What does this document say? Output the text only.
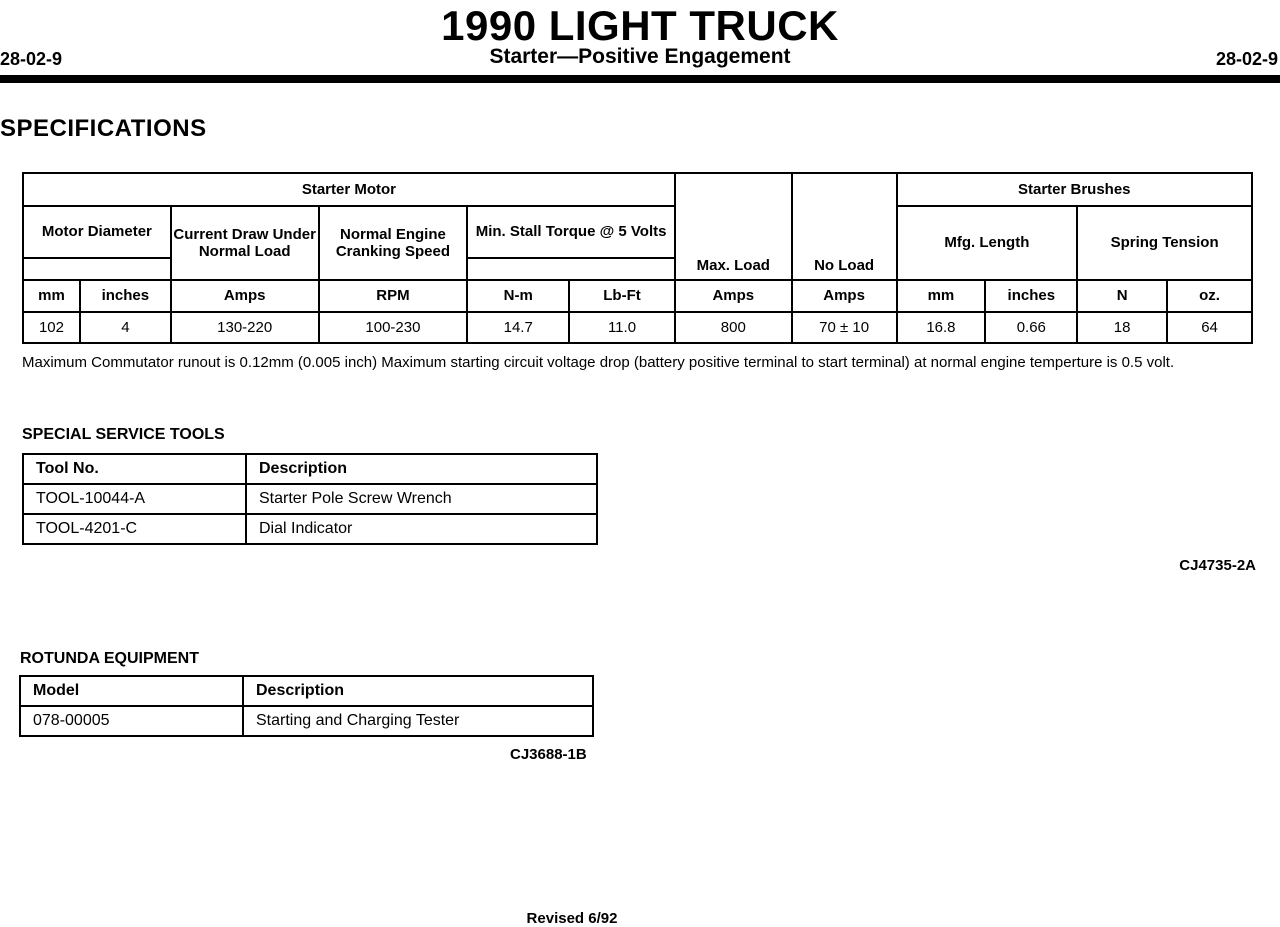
28-02-9
1990 LIGHT TRUCK
Starter—Positive Engagement	28-02-9
SPECIFICATIONS
Starter Motor						Max. Load	No Load	Starter Brushes			
Motor Diameter		Current Draw Under Normal Load	Normal Engine Cranking Speed	Min. Stall Torque @ 5 Volts				Mfg. Length		Spring Tension	

mm	inches	Amps	RPM	N-m	Lb-Ft	Amps	Amps	mm	inches	N	oz.
102	4	130-220	100-230	14.7	11.0	800	70 ± 10	16.8	0.66	18	64
Maximum Commutator runout is 0.12mm (0.005 inch) Maximum starting circuit voltage drop (battery positive terminal to start terminal) at normal engine temperture is 0.5 volt.
SPECIAL SERVICE TOOLS
Tool No.	Description
TOOL-10044-A	Starter Pole Screw Wrench
TOOL-4201-C	Dial Indicator
CJ4735-2A
ROTUNDA EQUIPMENT
Model	Description
078-00005	Starting and Charging Tester
CJ3688-1B
Revised 6/92
